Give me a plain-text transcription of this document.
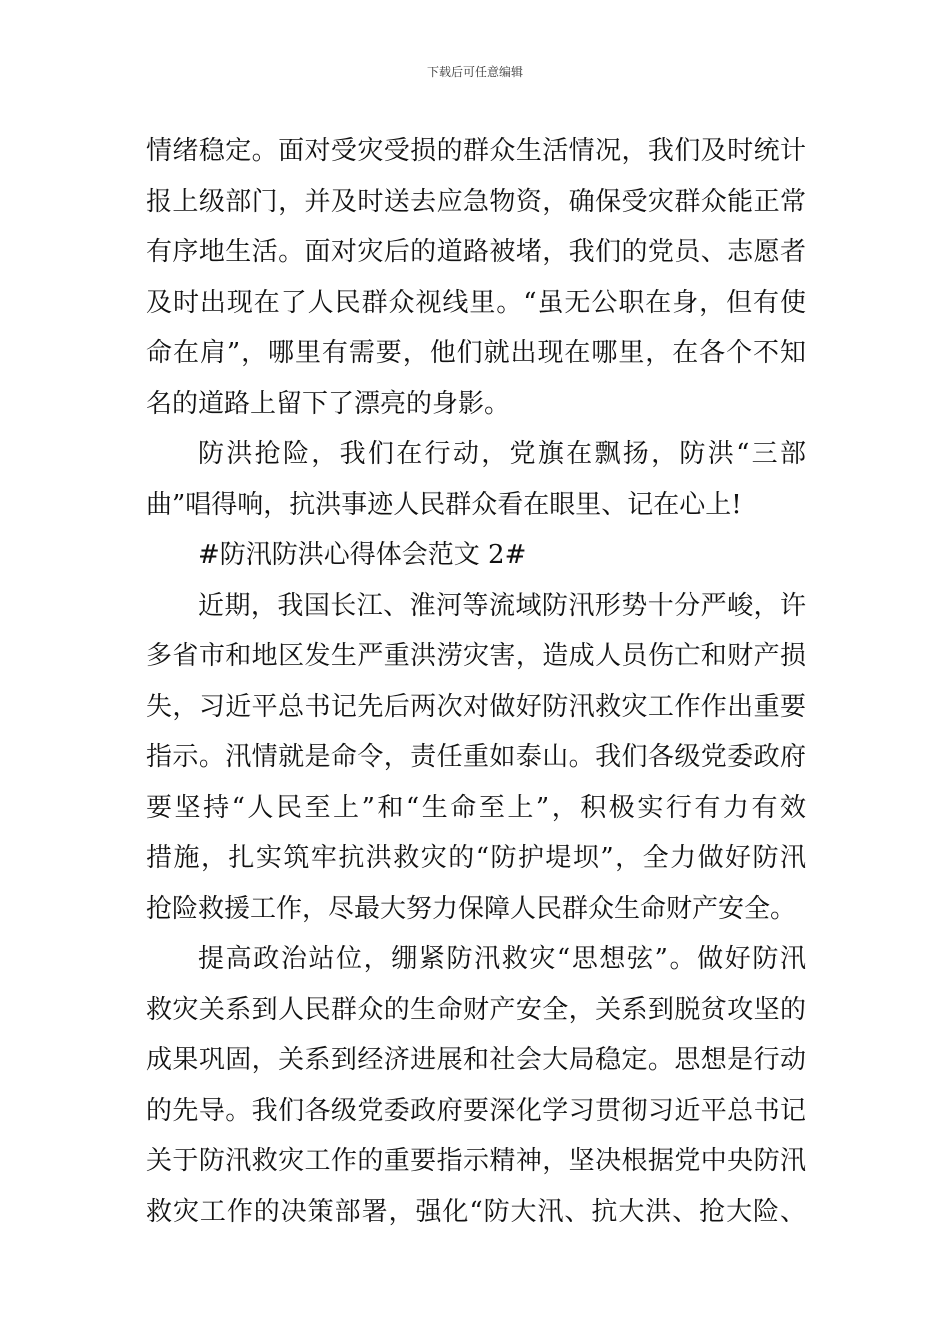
下载后可任意编辑
情绪稳定。面对受灾受损的群众生活情况，我们及时统计
报上级部门，并及时送去应急物资，确保受灾群众能正常
有序地生活。面对灾后的道路被堵，我们的党员、志愿者
及时出现在了人民群众视线里。“虽无公职在身，但有使
命在肩”，哪里有需要，他们就出现在哪里，在各个不知
名的道路上留下了漂亮的身影。
防洪抢险，我们在行动，党旗在飘扬，防洪“三部
曲”唱得响，抗洪事迹人民群众看在眼里、记在心上!
#防汛防洪心得体会范文 2#
近期，我国长江、淮河等流域防汛形势十分严峻，许
多省市和地区发生严重洪涝灾害，造成人员伤亡和财产损
失，习近平总书记先后两次对做好防汛救灾工作作出重要
指示。汛情就是命令，责任重如泰山。我们各级党委政府
要坚持“人民至上”和“生命至上”，积极实行有力有效
措施，扎实筑牢抗洪救灾的“防护堤坝”，全力做好防汛
抢险救援工作，尽最大努力保障人民群众生命财产安全。
提高政治站位，绷紧防汛救灾“思想弦”。做好防汛
救灾关系到人民群众的生命财产安全，关系到脱贫攻坚的
成果巩固，关系到经济进展和社会大局稳定。思想是行动
的先导。我们各级党委政府要深化学习贯彻习近平总书记
关于防汛救灾工作的重要指示精神，坚决根据党中央防汛
救灾工作的决策部署，强化“防大汛、抗大洪、抢大险、
